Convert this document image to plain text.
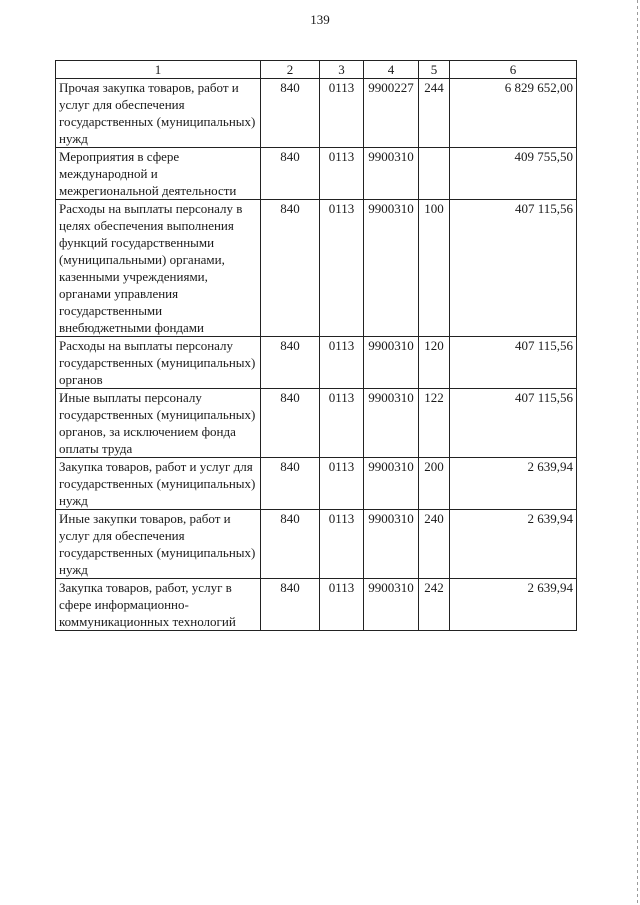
139
1	2	3	4	5	6
Прочая закупка товаров, работ и услуг для обеспечения государственных (муниципальных) нужд	840	0113	9900227	244	6 829 652,00
Мероприятия в сфере международной и межрегиональной деятельности	840	0113	9900310		409 755,50
Расходы на выплаты персоналу в целях обеспечения выполнения функций государственными (муниципальными) органами, казенными учреждениями, органами управления государственными внебюджетными фондами	840	0113	9900310	100	407 115,56
Расходы на выплаты персоналу государственных (муниципальных) органов	840	0113	9900310	120	407 115,56
Иные выплаты персоналу государственных (муниципальных) органов, за исключением фонда оплаты труда	840	0113	9900310	122	407 115,56
Закупка товаров, работ и услуг для государственных (муниципальных) нужд	840	0113	9900310	200	2 639,94
Иные закупки товаров, работ и услуг для обеспечения государственных (муниципальных) нужд	840	0113	9900310	240	2 639,94
Закупка товаров, работ, услуг в сфере информационно-коммуникационных технологий	840	0113	9900310	242	2 639,94
